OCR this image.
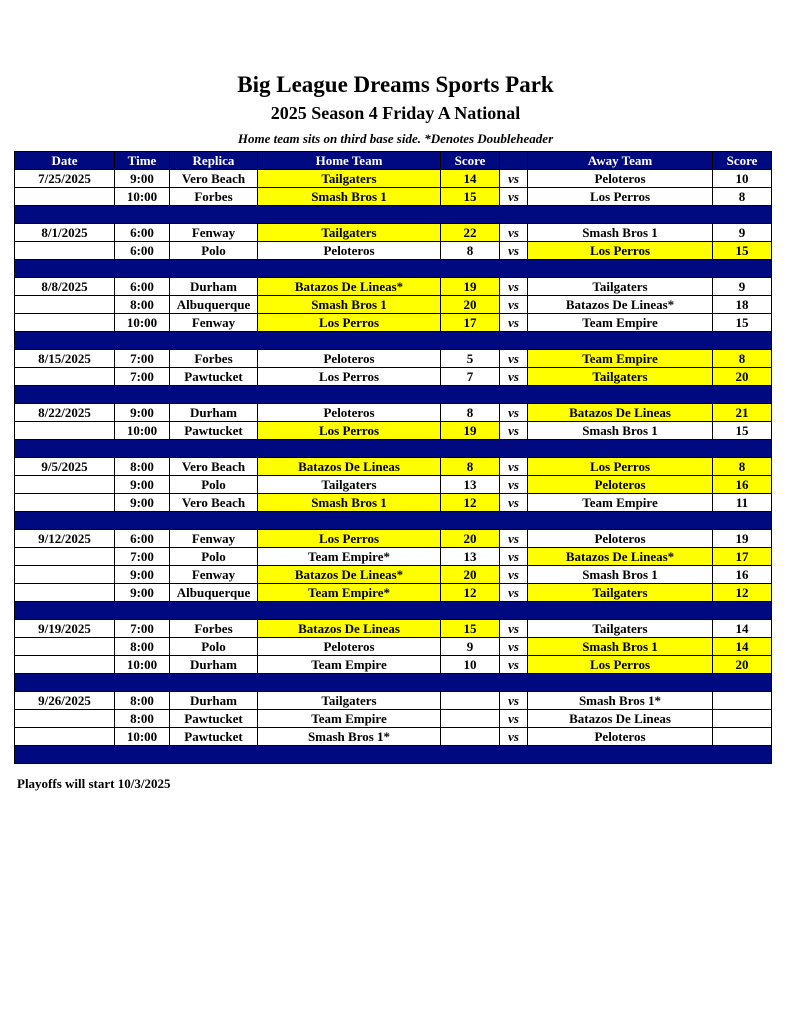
Big League Dreams Sports Park
2025 Season 4 Friday A National
Home team sits on third base side. *Denotes Doubleheader
Date	Time	Replica	Home Team	Score		Away Team	Score
7/25/2025	9:00	Vero Beach	Tailgaters	14	vs	Peloteros	10
	10:00	Forbes	Smash Bros 1	15	vs	Los Perros	8

8/1/2025	6:00	Fenway	Tailgaters	22	vs	Smash Bros 1	9
	6:00	Polo	Peloteros	8	vs	Los Perros	15

8/8/2025	6:00	Durham	Batazos De Lineas*	19	vs	Tailgaters	9
	8:00	Albuquerque	Smash Bros 1	20	vs	Batazos De Lineas*	18
	10:00	Fenway	Los Perros	17	vs	Team Empire	15

8/15/2025	7:00	Forbes	Peloteros	5	vs	Team Empire	8
	7:00	Pawtucket	Los Perros	7	vs	Tailgaters	20

8/22/2025	9:00	Durham	Peloteros	8	vs	Batazos De Lineas	21
	10:00	Pawtucket	Los Perros	19	vs	Smash Bros 1	15

9/5/2025	8:00	Vero Beach	Batazos De Lineas	8	vs	Los Perros	8
	9:00	Polo	Tailgaters	13	vs	Peloteros	16
	9:00	Vero Beach	Smash Bros 1	12	vs	Team Empire	11

9/12/2025	6:00	Fenway	Los Perros	20	vs	Peloteros	19
	7:00	Polo	Team Empire*	13	vs	Batazos De Lineas*	17
	9:00	Fenway	Batazos De Lineas*	20	vs	Smash Bros 1	16
	9:00	Albuquerque	Team Empire*	12	vs	Tailgaters	12

9/19/2025	7:00	Forbes	Batazos De Lineas	15	vs	Tailgaters	14
	8:00	Polo	Peloteros	9	vs	Smash Bros 1	14
	10:00	Durham	Team Empire	10	vs	Los Perros	20

9/26/2025	8:00	Durham	Tailgaters		vs	Smash Bros 1*	
	8:00	Pawtucket	Team Empire		vs	Batazos De Lineas	
	10:00	Pawtucket	Smash Bros 1*		vs	Peloteros	

Playoffs will start 10/3/2025
